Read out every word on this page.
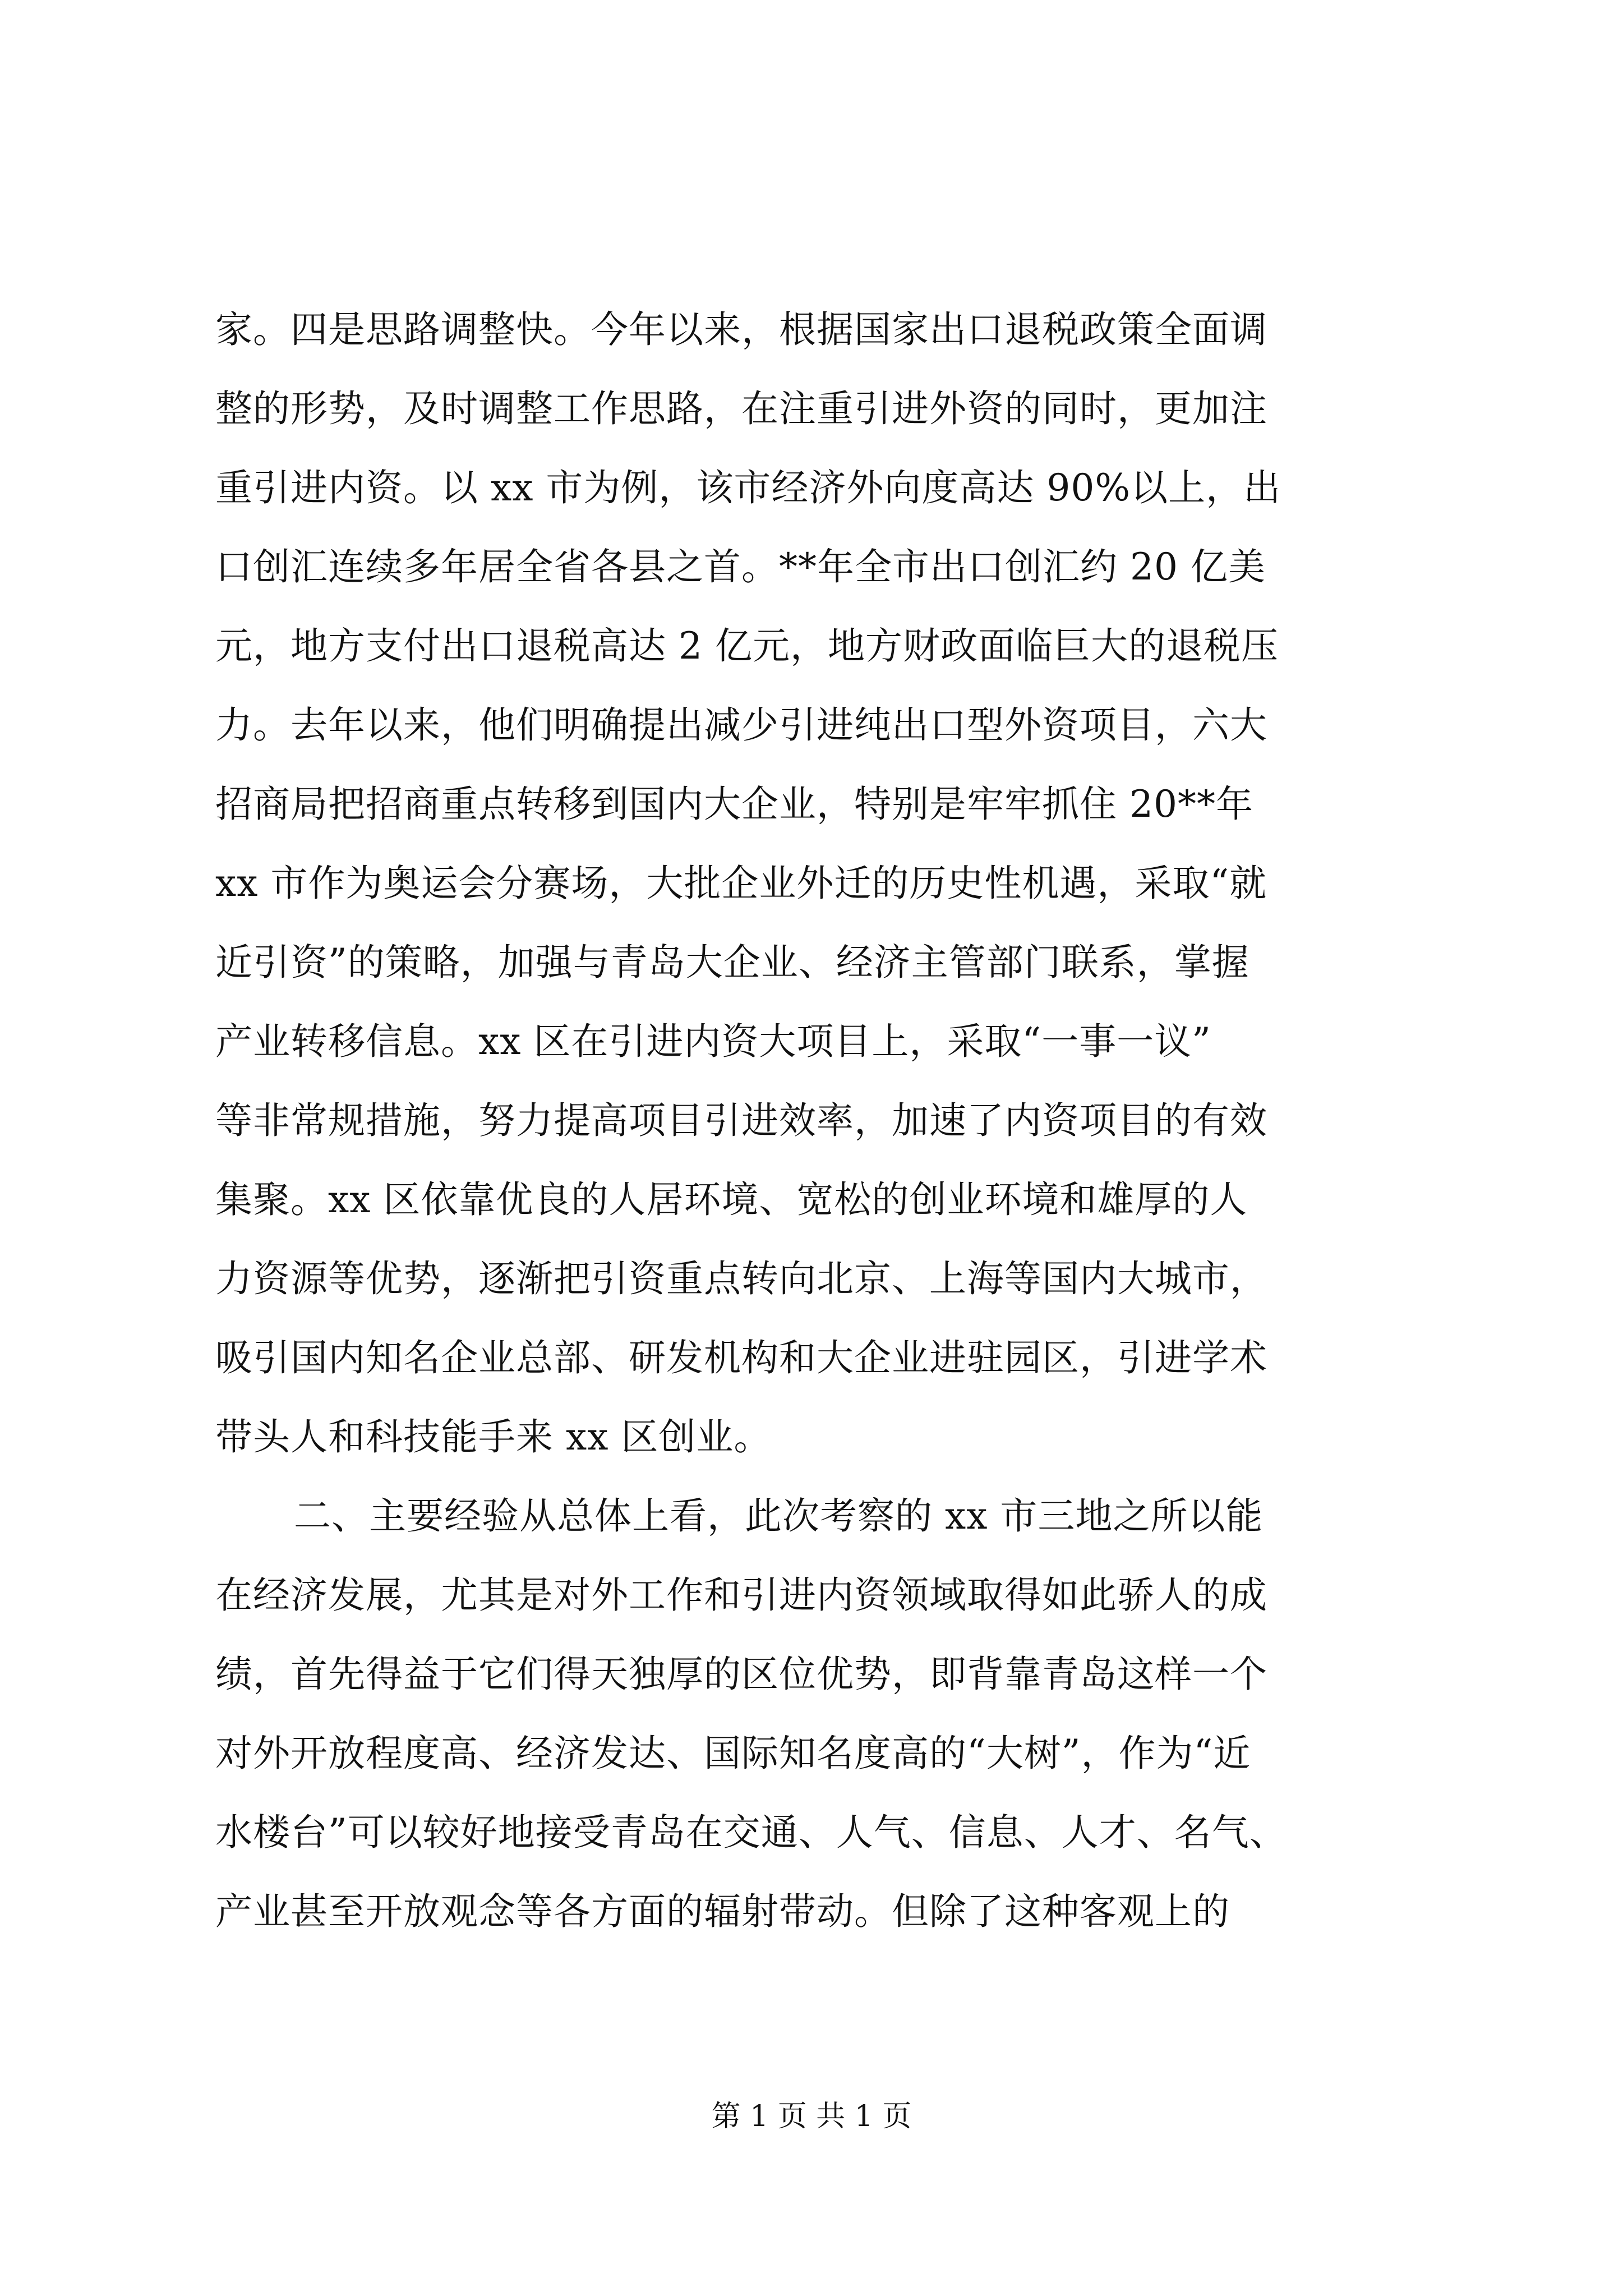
家。四是思路调整快。今年以来，根据国家出口退税政策全面调
整的形势，及时调整工作思路，在注重引进外资的同时，更加注
重引进内资。以 xx 市为例，该市经济外向度高达 90%以上，出
口创汇连续多年居全省各县之首。**年全市出口创汇约 20 亿美
元，地方支付出口退税高达 2 亿元，地方财政面临巨大的退税压
力。去年以来，他们明确提出减少引进纯出口型外资项目，六大
招商局把招商重点转移到国内大企业，特别是牢牢抓住 20**年
xx 市作为奥运会分赛场，大批企业外迁的历史性机遇，采取“就
近引资”的策略，加强与青岛大企业、经济主管部门联系，掌握
产业转移信息。xx 区在引进内资大项目上，采取“一事一议”
等非常规措施，努力提高项目引进效率，加速了内资项目的有效
集聚。xx 区依靠优良的人居环境、宽松的创业环境和雄厚的人
力资源等优势，逐渐把引资重点转向北京、上海等国内大城市，
吸引国内知名企业总部、研发机构和大企业进驻园区，引进学术
带头人和科技能手来 xx 区创业。
二、主要经验从总体上看，此次考察的 xx 市三地之所以能
在经济发展，尤其是对外工作和引进内资领域取得如此骄人的成
绩，首先得益于它们得天独厚的区位优势，即背靠青岛这样一个
对外开放程度高、经济发达、国际知名度高的“大树”，作为“近
水楼台”可以较好地接受青岛在交通、人气、信息、人才、名气、
产业甚至开放观念等各方面的辐射带动。但除了这种客观上的
第 1 页 共 1 页
